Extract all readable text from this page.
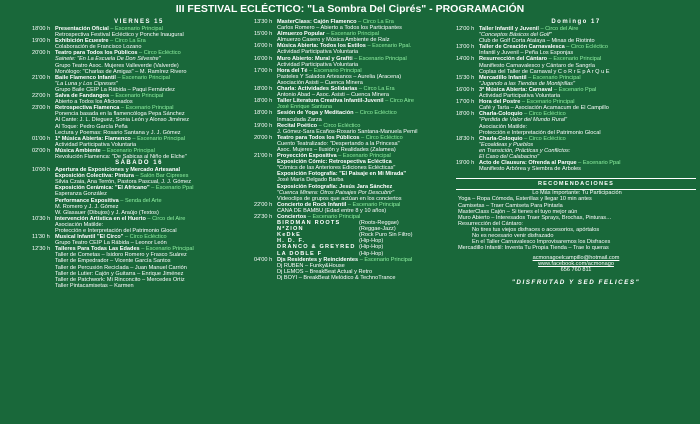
III FESTIVAL ECLÉCTICO: "La Sombra Del Ciprés" - PROGRAMACIÓN
VIERNES 15
18'00 h Presentación Oficial – Escenario Principal
Retrospectiva Festival Ecléctico y Ponche Inaugural
19'00 h Exhibición Ecuestre – Circo La Era
Colaboración de Francisco Lozano
20'00 h Teatro para Todos los Públicos – Circo Ecléctico
Sainete: "En La Escuela De Don Silvestre"
Grupo Teatro Asoc. Mujeres Valleverde (Valverde)
Monólogo: "Charlas de Amigas" – M. Ramírez Rivero
21'00 h Baile Flamenco Infantil – Escenario Principal
"La Luna y Los Cipreses"
Grupo Baile CEIP La Rábida – Paqui Fernández
22'00 h Salva de Fandangos – Escenario Principal
Abierto a Todos los Aficionados
23'00 h Retrospectiva Flamenca – Escenario Principal
Ponencia basada en la flamencóloga Pepa Sánchez
Al Cante: J. L. Díeguez, Sonia León y Alonso Jiménez
Al Toque: Pedro García Peña
Lectura y Poemas: Rosario Santana y J. J. Gómez
01'00 h 1ª Música Abierta: Flamenco – Escenario Principal
Actividad Participativa Voluntaria
02'00 h Música Ambiente – Escenario Principal
Revolución Flamenca: "De Sabicas al Niño de Elche"
SÁBADO 16
10'00 h Apertura de Exposiciones y Mercado Artesanal
Exposición Colectiva: Pintura – Salón Bar Cipreses
Silvia Czaia, Ana Terrón, Pastora Pascual, J. J. Gómez
Exposición Cerámica: "El Africano" – Escenario Ppal
Esperanza González
Performance Expositiva – Senda del Arte
M. Romero y J. J. Gómez
W. Glasauer (Dibujos) y J. Araújo (Textos)
10'30 h Intervención Artística en el Huerto – Circo del Aire
Asociación Matilde:
Protección e Interpretación del Patrimonio Glocal
11'30 h Musical Infantil "El Circo" – Circo Ecléctico
Grupo Teatro CEIP La Rábida – Leonor León
12'30 h Talleres Para Todas Las Edades – Escenario Principal
Taller de Cometas – Isidoro Romero y Frasco Suárez
Taller de Empedrador – Vicente García Santos
Taller de Percusión Reciclada – Juan Manuel Carrión
Taller de Lutier: Cajón y Guitarra – Enrique Jiménez
Taller de Patchwork: Mi Rinconcito – Mercedes Ortiz
Taller Pintacamisetas – Karmen
13'30 h MasterClass: Cajón Flamenco – Circo La Era
Carlos Romero – Abierto a Todos los Participantes
15'00 h Almuerzo Popular – Escenario Principal
Almuerzo Casero y Música Ambiente de Raíz
16'00 h Música Abierta: Todos los Estilos – Escenario Ppal.
Actividad Participativa Voluntaria
16'00 h Muro Abierto: Mural y Grafiti – Escenario Principal
Actividad Participativa Voluntaria
17'00 h Hora del Té – Escenario Principal
Pasteles Y Salados Artesanos – Aurelia (Aracena)
Asociación Asisti – Cuenca Minera
18'00 h Charla: Actividades Solidarias – Circo La Era
Antonio Abad – Asoc. Asisti – Cuenca Minera
18'00 h Taller Literatura Creativa Infantil-Juvenil – Circo Aire
José Enrique Santana
18'00 h Sesión de Yoga y Meditación – Circo Ecléctico
Inmaculada Zarza
19'00 h Recital Poético – Circo Ecléctico
J. Gómez-Sara Ecaños-Rosario Santana-Manuela Pernil
20'00 h Teatro para Todos los Públicos – Circo Ecléctico
Cuento Teatralizado: "Despertando a la Princesa"
Asoc. Mujeres – Ilusión y Realidades (Zalamea)
21'00 h Proyección Expositiva – Escenario Principal
Exposición Cómic: Retrospectiva Ecléctica
"Cómics de las Anteriores Ediciones Eclécticas"
Exposición Fotografía: "El Paisaje en Mi Mirada"
José María Delgado Barba
Exposición Fotografía: Jesús Jara Sánchez
"Cuenca Minera: Otros Paisajes Por Descubrir"
Videoclips de grupos que actúan en los conciertos
22'00 h Concierto de Rock Infantil – Escenario Principal
CAÑA DE BAMBÚ (Edad entre 8 y 10 años)
22'30 h Conciertos – Escenario Principal
BIRDMAN ROOTS	(Roots-Reggae)
N*ZION	(Reggae-Jazz)
KeDkE	(Rock Puro Sin Filtro)
H. D. F.	(Hip-Hop)
DRANCO & GREYRED (Hip-Hop)
LA DOBLE F	(Hip-Hop)
04'00 h Djs Residentes y Reincidentes – Escenario Principal
Dj RUBÉN – Funky&House
Dj LEMOS – BreakBeat Actual y Retro
Dj BOYI – BreakBeat Melódico & TechnoTrance
Domingo 17
12'00 h Taller Infantil y Juvenil – Circo del Aire
"Conceptos Básicos del Golf"
Club de Golf Corta Atalaya – Minas de Riotinto
13'00 h Taller de Creación Carnavalesca – Circo Ecléctico
Infantil y Juvenil – Peña Los Esponjas
14'00 h Resurrección del Cántaro – Escenario Principal
Manifiesto Carnavalesco y Cántaro de Sangría
Coplas del Taller de Carnaval y C o R r E p A r Q u E
15'30 h Mercadillo Infantil – Escenario Principal
"Jugando a las Tiendas de Montijrillas"
16'00 h 3ª Música Abierta: Carnaval – Escenario Ppal
Actividad Participativa Voluntaria
17'00 h Hora del Postre – Escenario Principal
Café y Tarta – Asociación Acamacum de El Campillo
18'00 h Charla-Coloquio – Circo Ecléctico
"Perdida de Valor del Mundo Rural"
Asociación Matilde:
Protección e Interpretación del Patrimonio Glocal
18'30 h Charla-Coloquio – Circo Ecléctico
"Ecoaldeas y Pueblos
en Transición, Prácticas y Conflictos:
El Caso del Calabacino"
19'00 h Acto de Clausura: Ofrenda al Parque – Escenario Ppal
Manifiesto Árbórea y Siembra de Árboles
RECOMENDACIONES
Lo Más Importante: Tu Participación
Yoga – Ropa Cómoda, Esterillas y llegar 10 min antes
Camisetas – Traer Camiseta Para Pintarla
MasterClass Cajón – Si tienes el tuyo mejor aún
Muro Abierto – Interesados Traer Sprays, Brochas, Pinturas…
Resurrección del Cántaro:
No tires tus viejos disfraces o accesorios, apórtalos
No es necesario venir disfrazado
En el Taller Carnavalesco Improvisaremos los Disfraces
Mercadillo Infantil: Inventa Tu Propia Tienda – Trae lo queras
acmonagoelcampillo@hotmail.com
www.facebook.com/acmonago
656 760 811
"DISFRUTAD Y SED FELICES"
